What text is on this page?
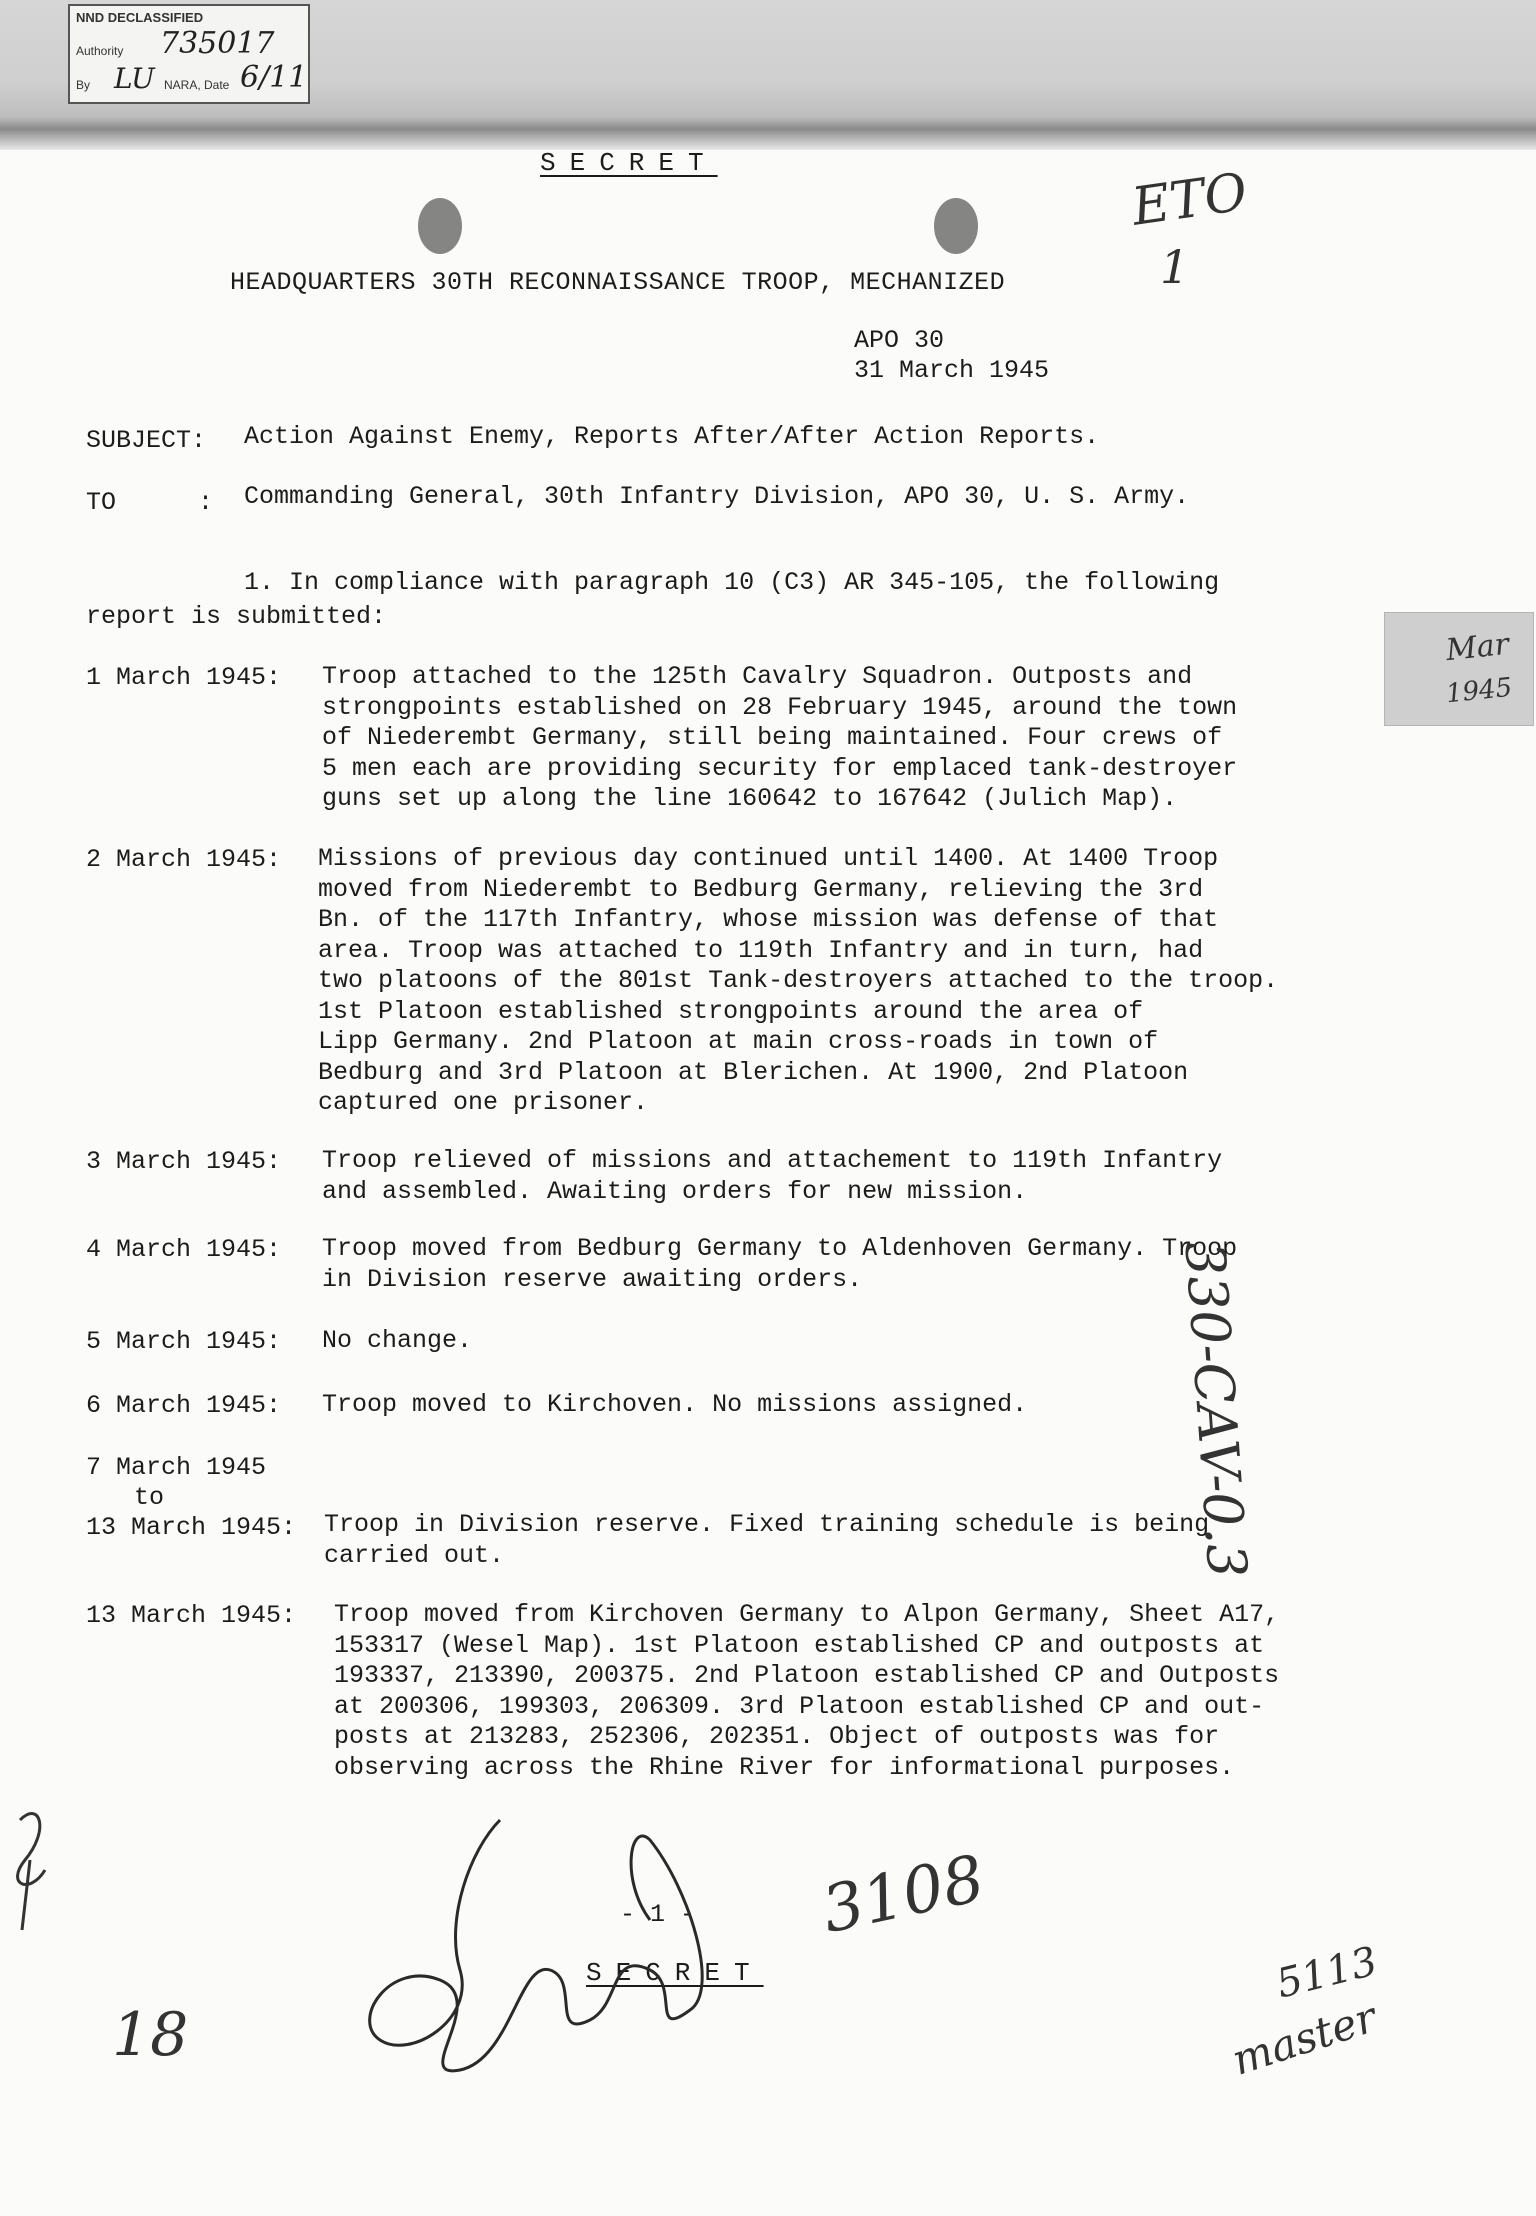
NND DECLASSIFIED
Authority 735017
By LU NARA, Date 6/11
SECRET
HEADQUARTERS 30TH RECONNAISSANCE TROOP, MECHANIZED
APO 30
31 March 1945
SUBJECT: Action Against Enemy, Reports After/After Action Reports.
TO	: Commanding General, 30th Infantry Division, APO 30, U. S. Army.
1. In compliance with paragraph 10 (C3) AR 345-105, the following
report is submitted:
1 March 1945: Troop attached to the 125th Cavalry Squadron. Outposts and
strongpoints established on 28 February 1945, around the town
of Niederembt Germany, still being maintained. Four crews of
5 men each are providing security for emplaced tank-destroyer
guns set up along the line 160642 to 167642 (Julich Map).
2 March 1945: Missions of previous day continued until 1400. At 1400 Troop
moved from Niederembt to Bedburg Germany, relieving the 3rd
Bn. of the 117th Infantry, whose mission was defense of that
area. Troop was attached to 119th Infantry and in turn, had
two platoons of the 801st Tank-destroyers attached to the troop.
1st Platoon established strongpoints around the area of
Lipp Germany. 2nd Platoon at main cross-roads in town of
Bedburg and 3rd Platoon at Blerichen. At 1900, 2nd Platoon
captured one prisoner.
3 March 1945: Troop relieved of missions and attachement to 119th Infantry
and assembled. Awaiting orders for new mission.
4 March 1945: Troop moved from Bedburg Germany to Aldenhoven Germany. Troop
in Division reserve awaiting orders.
5 March 1945: No change.
6 March 1945: Troop moved to Kirchoven. No missions assigned.
7 March 1945
to
13 March 1945: Troop in Division reserve. Fixed training schedule is being
carried out.
13 March 1945: Troop moved from Kirchoven Germany to Alpon Germany, Sheet A17,
153317 (Wesel Map). 1st Platoon established CP and outposts at
193337, 213390, 200375. 2nd Platoon established CP and Outposts
at 200306, 199303, 206309. 3rd Platoon established CP and out-
posts at 213283, 252306, 202351. Object of outposts was for
observing across the Rhine River for informational purposes.
- 1 -
SECRET
ETO
1
Mar
1945
330-CAV-0.3
3108
18
5113
master
